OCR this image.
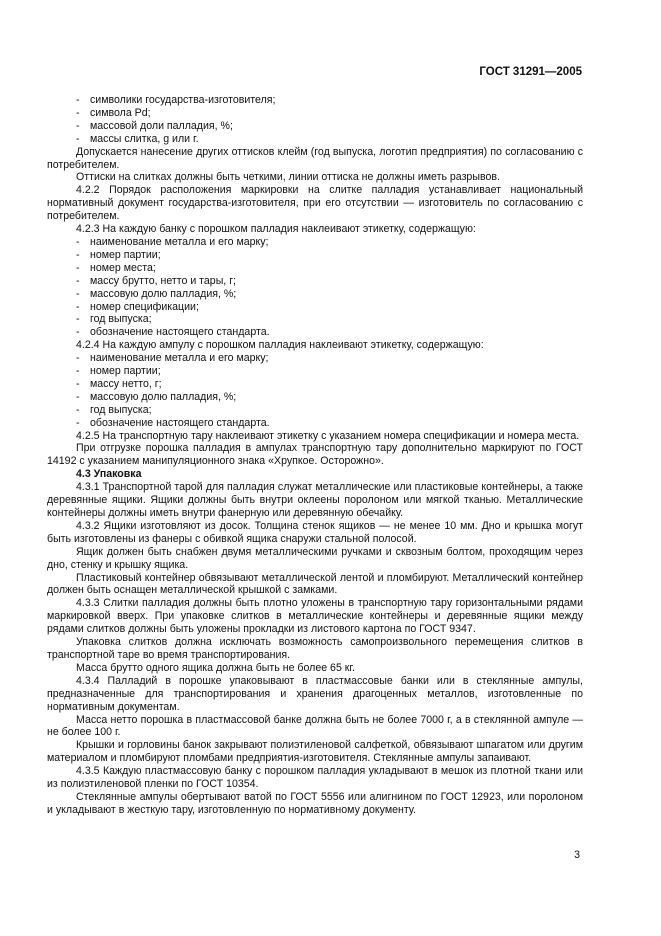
ГОСТ 31291—2005

- символики государства-изготовителя;

- символа Pd;

- массовой доли палладия, %;

- массы слитка, g или г.

Допускается нанесение других оттисков клейм (год выпуска, логотип предприятия) по согласованию с потребителем.

Оттиски на слитках должны быть четкими, линии оттиска не должны иметь разрывов.

4.2.2 Порядок расположения маркировки на слитке палладия устанавливает национальный нормативный документ государства-изготовителя, при его отсутствии — изготовитель по согласованию с потребителем.

4.2.3 На каждую банку с порошком палладия наклеивают этикетку, содержащую:

- наименование металла и его марку;

- номер партии;

- номер места;

- массу брутто, нетто и тары, г;

- массовую долю палладия, %;

- номер спецификации;

- год выпуска;

- обозначение настоящего стандарта.

4.2.4 На каждую ампулу с порошком палладия наклеивают этикетку, содержащую:

- наименование металла и его марку;

- номер партии;

- массу нетто, г;

- массовую долю палладия, %;

- год выпуска;

- обозначение настоящего стандарта.

4.2.5 На транспортную тару наклеивают этикетку с указанием номера спецификации и номера места.

При отгрузке порошка палладия в ампулах транспортную тару дополнительно маркируют по ГОСТ 14192 с указанием манипуляционного знака «Хрупкое. Осторожно».

4.3 Упаковка

4.3.1 Транспортной тарой для палладия служат металлические или пластиковые контейнеры, а также деревянные ящики. Ящики должны быть внутри оклеены поролоном или мягкой тканью. Металлические контейнеры должны иметь внутри фанерную или деревянную обечайку.

4.3.2 Ящики изготовляют из досок. Толщина стенок ящиков — не менее 10 мм. Дно и крышка могут быть изготовлены из фанеры с обивкой ящика снаружи стальной полосой.

Ящик должен быть снабжен двумя металлическими ручками и сквозным болтом, проходящим через дно, стенку и крышку ящика.

Пластиковый контейнер обвязывают металлической лентой и пломбируют. Металлический контейнер должен быть оснащен металлической крышкой с замками.

4.3.3 Слитки палладия должны быть плотно уложены в транспортную тару горизонтальными рядами маркировкой вверх. При упаковке слитков в металлические контейнеры и деревянные ящики между рядами слитков должны быть уложены прокладки из листового картона по ГОСТ 9347.

Упаковка слитков должна исключать возможность самопроизвольного перемещения слитков в транспортной таре во время транспортирования.

Масса брутто одного ящика должна быть не более 65 кг.

4.3.4 Палладий в порошке упаковывают в пластмассовые банки или в стеклянные ампулы, предназначенные для транспортирования и хранения драгоценных металлов, изготовленные по нормативным документам.

Масса нетто порошка в пластмассовой банке должна быть не более 7000 г, а в стеклянной ампуле — не более 100 г.

Крышки и горловины банок закрывают полиэтиленовой салфеткой, обвязывают шпагатом или другим материалом и пломбируют пломбами предприятия-изготовителя. Стеклянные ампулы запаивают.

4.3.5 Каждую пластмассовую банку с порошком палладия укладывают в мешок из плотной ткани или из полиэтиленовой пленки по ГОСТ 10354.

Стеклянные ампулы обертывают ватой по ГОСТ 5556 или алигнином по ГОСТ 12923, или поролоном и укладывают в жесткую тару, изготовленную по нормативному документу.

3
